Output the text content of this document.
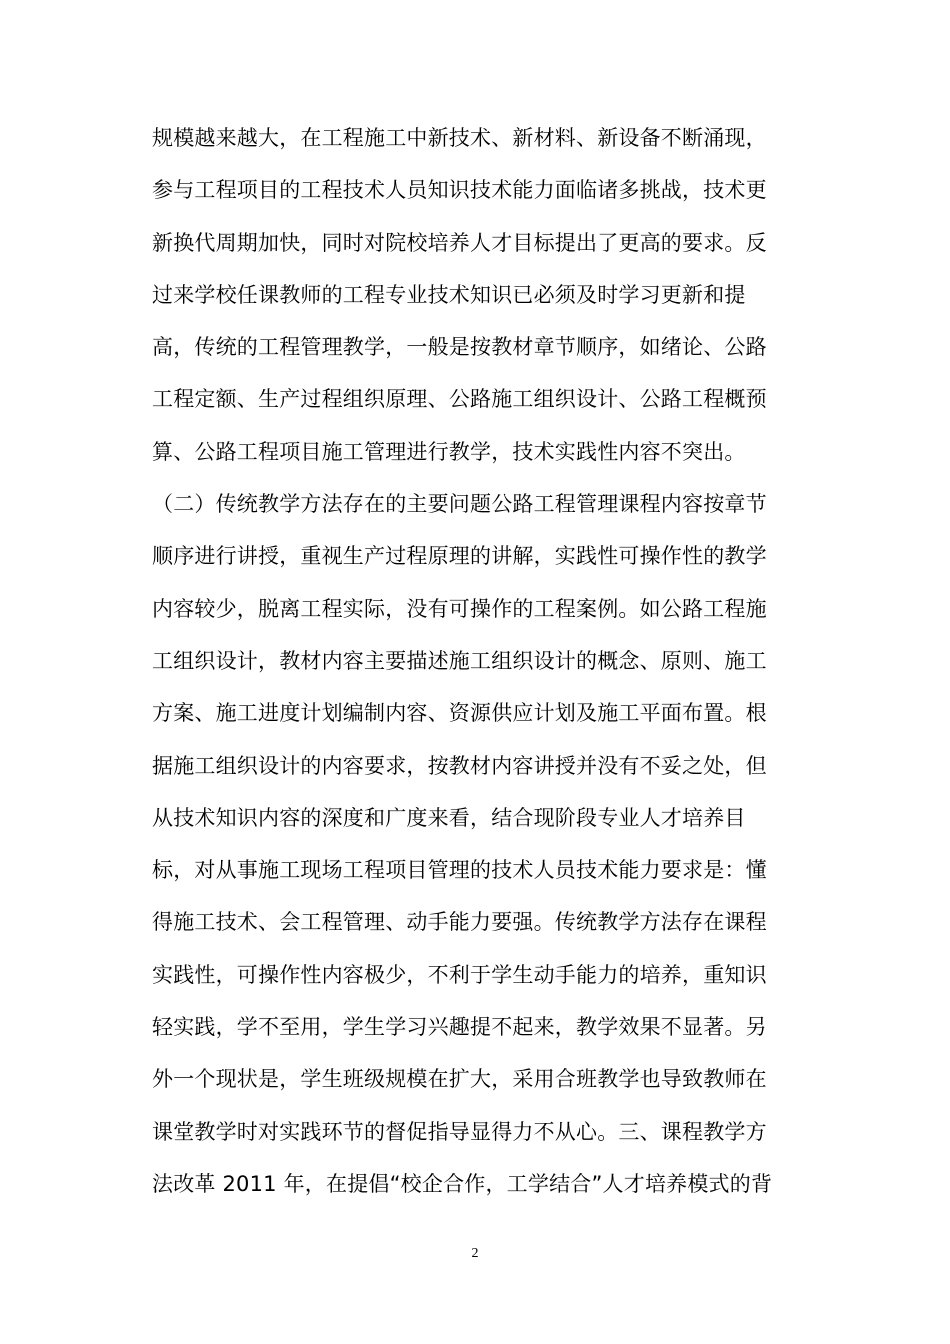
规模越来越大，在工程施工中新技术、新材料、新设备不断涌现，
参与工程项目的工程技术人员知识技术能力面临诸多挑战，技术更
新换代周期加快，同时对院校培养人才目标提出了更高的要求。反
过来学校任课教师的工程专业技术知识已必须及时学习更新和提
高，传统的工程管理教学，一般是按教材章节顺序，如绪论、公路
工程定额、生产过程组织原理、公路施工组织设计、公路工程概预
算、公路工程项目施工管理进行教学，技术实践性内容不突出。
（二）传统教学方法存在的主要问题公路工程管理课程内容按章节
顺序进行讲授，重视生产过程原理的讲解，实践性可操作性的教学
内容较少，脱离工程实际，没有可操作的工程案例。如公路工程施
工组织设计，教材内容主要描述施工组织设计的概念、原则、施工
方案、施工进度计划编制内容、资源供应计划及施工平面布置。根
据施工组织设计的内容要求，按教材内容讲授并没有不妥之处，但
从技术知识内容的深度和广度来看，结合现阶段专业人才培养目
标，对从事施工现场工程项目管理的技术人员技术能力要求是：懂
得施工技术、会工程管理、动手能力要强。传统教学方法存在课程
实践性，可操作性内容极少，不利于学生动手能力的培养，重知识
轻实践，学不至用，学生学习兴趣提不起来，教学效果不显著。另
外一个现状是，学生班级规模在扩大，采用合班教学也导致教师在
课堂教学时对实践环节的督促指导显得力不从心。三、课程教学方
法改革 2011 年，在提倡“校企合作，工学结合”人才培养模式的背
2
